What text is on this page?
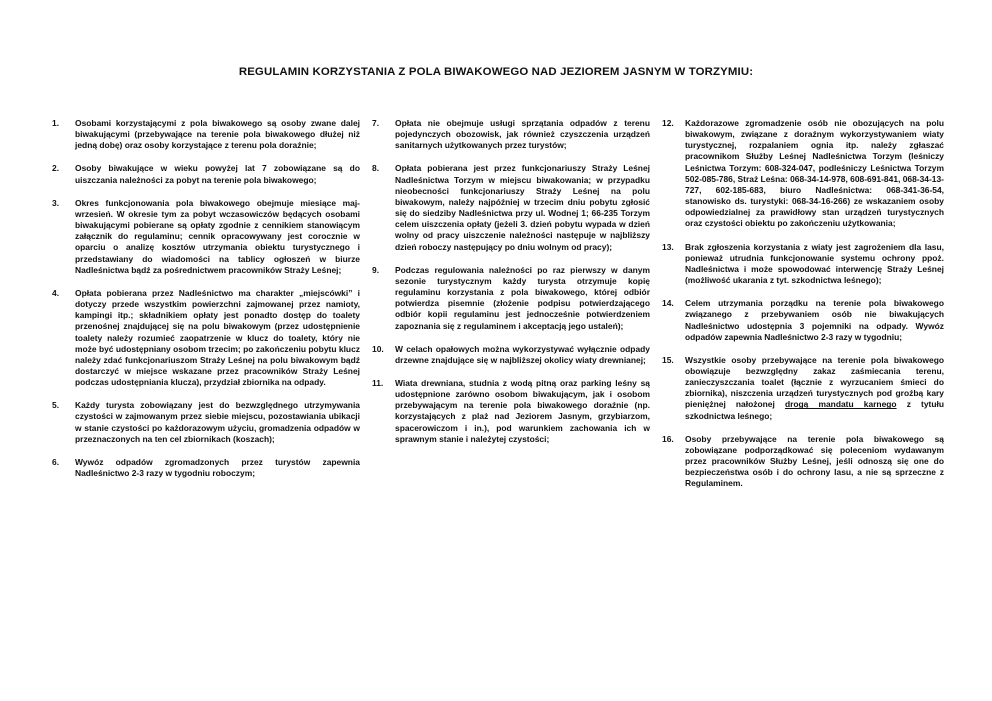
REGULAMIN KORZYSTANIA Z POLA BIWAKOWEGO NAD JEZIOREM JASNYM W TORZYMIU:
1. Osobami korzystającymi z pola biwakowego są osoby zwane dalej biwakującymi (przebywające na terenie pola biwakowego dłużej niż jedną dobę) oraz osoby korzystające z terenu pola doraźnie;
2. Osoby biwakujące w wieku powyżej lat 7 zobowiązane są do uiszczania należności za pobyt na terenie pola biwakowego;
3. Okres funkcjonowania pola biwakowego obejmuje miesiące maj-wrzesień. W okresie tym za pobyt wczasowiczów będących osobami biwakującymi pobierane są opłaty zgodnie z cennikiem stanowiącym załącznik do regulaminu; cennik opracowywany jest corocznie w oparciu o analizę kosztów utrzymania obiektu turystycznego i przedstawiany do wiadomości na tablicy ogłoszeń w biurze Nadleśnictwa bądź za pośrednictwem pracowników Straży Leśnej;
4. Opłata pobierana przez Nadleśnictwo ma charakter „miejscówki” i dotyczy przede wszystkim powierzchni zajmowanej przez namioty, kampingi itp.; składnikiem opłaty jest ponadto dostęp do toalety przenośnej znajdującej się na polu biwakowym (przez udostępnienie toalety należy rozumieć zaopatrzenie w klucz do toalety, który nie może być udostępniany osobom trzecim; po zakończeniu pobytu klucz należy zdać funkcjonariuszom Straży Leśnej na polu biwakowym bądź dostarczyć w miejsce wskazane przez pracowników Straży Leśnej podczas udostępniania klucza), przydział zbiornika na odpady.
5. Każdy turysta zobowiązany jest do bezwzględnego utrzymywania czystości w zajmowanym przez siebie miejscu, pozostawiania ubikacji w stanie czystości po każdorazowym użyciu, gromadzenia odpadów w przeznaczonych na ten cel zbiornikach (koszach);
6. Wywóz odpadów zgromadzonych przez turystów zapewnia Nadleśnictwo 2-3 razy w tygodniu roboczym;
7. Opłata nie obejmuje usługi sprzątania odpadów z terenu pojedynczych obozowisk, jak również czyszczenia urządzeń sanitarnych użytkowanych przez turystów;
8. Opłata pobierana jest przez funkcjonariuszy Straży Leśnej Nadleśnictwa Torzym w miejscu biwakowania; w przypadku nieobecności funkcjonariuszy Straży Leśnej na polu biwakowym, należy najpóźniej w trzecim dniu pobytu zgłosić się do siedziby Nadleśnictwa przy ul. Wodnej 1; 66-235 Torzym celem uiszczenia opłaty (jeżeli 3. dzień pobytu wypada w dzień wolny od pracy uiszczenie należności następuje w najbliższy dzień roboczy następujący po dniu wolnym od pracy);
9. Podczas regulowania należności po raz pierwszy w danym sezonie turystycznym każdy turysta otrzymuje kopię regulaminu korzystania z pola biwakowego, której odbiór potwierdza pisemnie (złożenie podpisu potwierdzającego odbiór kopii regulaminu jest jednocześnie potwierdzeniem zapoznania się z regulaminem i akceptacją jego ustaleń);
10. W celach opałowych można wykorzystywać wyłącznie odpady drzewne znajdujące się w najbliższej okolicy wiaty drewnianej;
11. Wiata drewniana, studnia z wodą pitną oraz parking leśny są udostępnione zarówno osobom biwakującym, jak i osobom przebywającym na terenie pola biwakowego doraźnie (np. korzystających z plaż nad Jeziorem Jasnym, grzybiarzom, spacerowiczom i in.), pod warunkiem zachowania ich w sprawnym stanie i należytej czystości;
12. Każdorazowe zgromadzenie osób nie obozujących na polu biwakowym, związane z doraźnym wykorzystywaniem wiaty turystycznej, rozpalaniem ognia itp. należy zgłaszać pracownikom Służby Leśnej Nadleśnictwa Torzym (leśniczy Leśnictwa Torzym: 608-324-047, podleśniczy Leśnictwa Torzym 502-085-786, Straż Leśna: 068-34-14-978, 608-691-841, 068-34-13-727, 602-185-683, biuro Nadleśnictwa: 068-341-36-54, stanowisko ds. turystyki: 068-34-16-266) ze wskazaniem osoby odpowiedzialnej za prawidłowy stan urządzeń turystycznych oraz czystości obiektu po zakończeniu użytkowania;
13. Brak zgłoszenia korzystania z wiaty jest zagrożeniem dla lasu, ponieważ utrudnia funkcjonowanie systemu ochrony ppoż. Nadleśnictwa i może spowodować interwencję Straży Leśnej (możliwość ukarania z tyt. szkodnictwa leśnego);
14. Celem utrzymania porządku na terenie pola biwakowego związanego z przebywaniem osób nie biwakujących Nadleśnictwo udostępnia 3 pojemniki na odpady. Wywóz odpadów zapewnia Nadleśnictwo 2-3 razy w tygodniu;
15. Wszystkie osoby przebywające na terenie pola biwakowego obowiązuje bezwzględny zakaz zaśmiecania terenu, zanieczyszczania toalet (łącznie z wyrzucaniem śmieci do zbiornika), niszczenia urządzeń turystycznych pod groźbą kary pieniężnej nałożonej drogą mandatu karnego z tytułu szkodnictwa leśnego;
16. Osoby przebywające na terenie pola biwakowego są zobowiązane podporządkować się poleceniom wydawanym przez pracowników Służby Leśnej, jeśli odnoszą się one do bezpieczeństwa osób i do ochrony lasu, a nie są sprzeczne z Regulaminem.
